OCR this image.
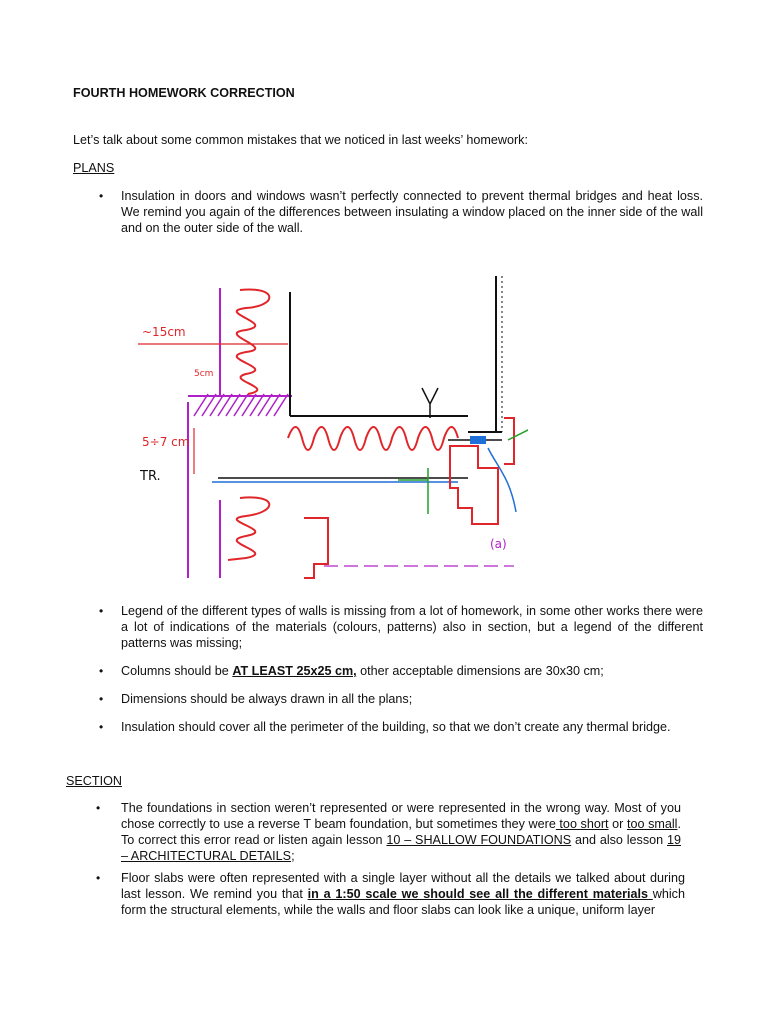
FOURTH HOMEWORK CORRECTION
Let’s talk about some common mistakes that we noticed in last weeks’ homework:
PLANS
• Insulation in doors and windows wasn’t perfectly connected to prevent thermal bridges and heat loss. We remind you again of the differences between insulating a window placed on the inner side of the wall and on the outer side of the wall.

~15cm
5cm
5÷7 cm
TR.
(a)
• Legend of the different types of walls is missing from a lot of homework, in some other works there were a lot of indications of the materials (colours, patterns) also in section, but a legend of the different patterns was missing;

• Columns should be AT LEAST 25x25 cm, other acceptable dimensions are 30x30 cm;

• Dimensions should be always drawn in all the plans;

• Insulation should cover all the perimeter of the building, so that we don’t create any thermal bridge.

SECTION
• The foundations in section weren’t represented or were represented in the wrong way. Most of you chose correctly to use a reverse T beam foundation, but sometimes they were too short or too small. To correct this error read or listen again lesson 10 – SHALLOW FOUNDATIONS and also lesson 19 – ARCHITECTURAL DETAILS;

• Floor slabs were often represented with a single layer without all the details we talked about during last lesson. We remind you that in a 1:50 scale we should see all the different materials which form the structural elements, while the walls and floor slabs can look like a unique, uniform layer
